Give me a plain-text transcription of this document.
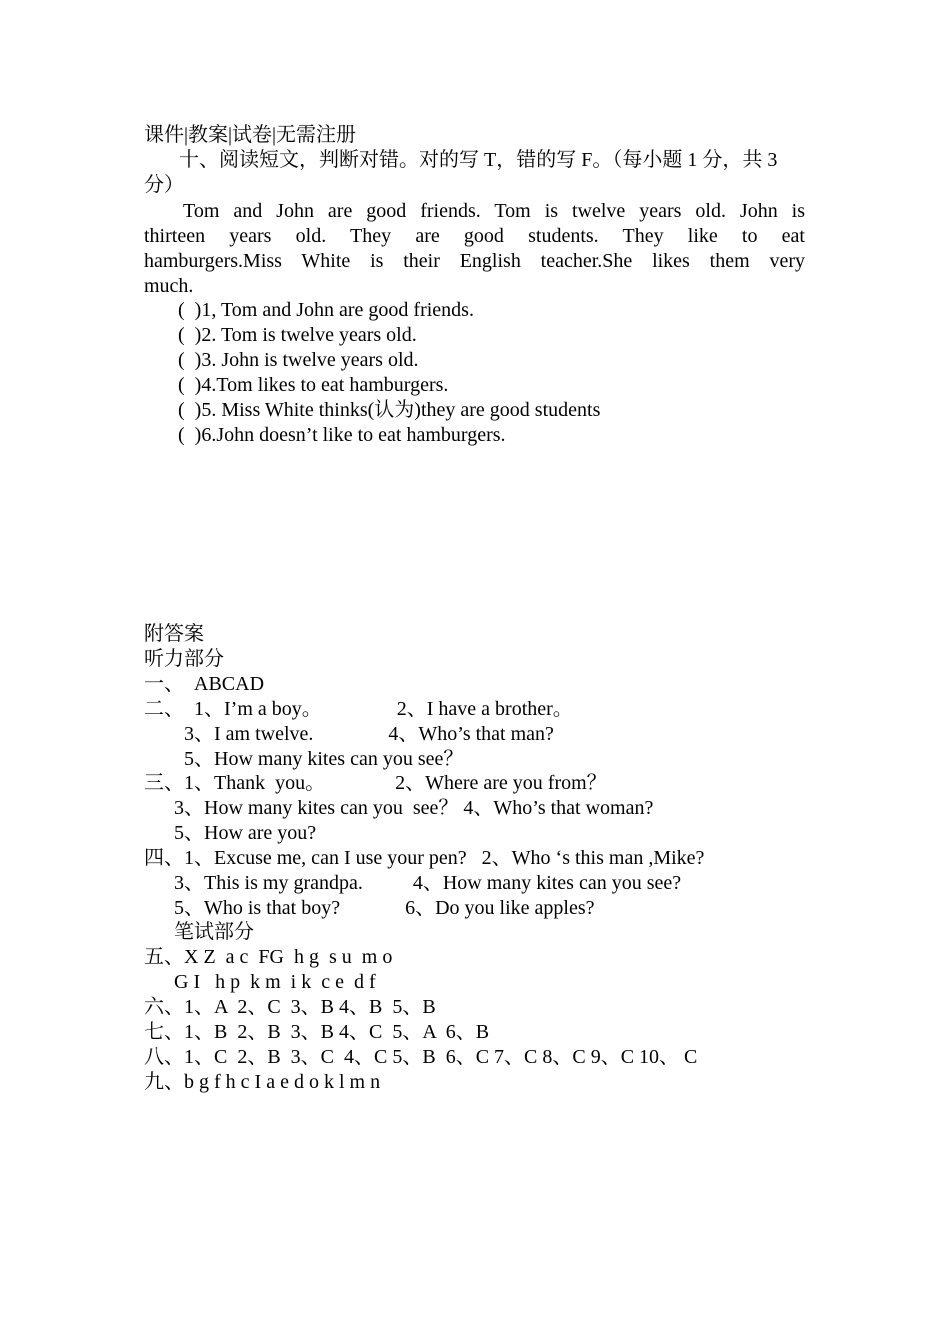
课件|教案|试卷|无需注册
十、阅读短文，判断对错。对的写 T，错的写 F。（每小题 1 分，共 3
分）
Tom and John are good friends. Tom is twelve years old. John is
thirteen years old. They are good students. They like to eat
hamburgers.Miss White is their English teacher.She likes them very
much.
(  )1, Tom and John are good friends.
(  )2. Tom is twelve years old.
(  )3. John is twelve years old.
(  )4.Tom likes to eat hamburgers.
(  )5. Miss White thinks(认为)they are good students
(  )6.John doesn’t like to eat hamburgers.
附答案
听力部分
一、  ABCAD
二、  1、I’m a boy。               2、I have a brother。
3、I am twelve.               4、Who’s that man?
5、How many kites can you see？
三、1、Thank  you。              2、Where are you from？
3、How many kites can you  see？ 4、Who’s that woman?
5、How are you?
四、1、Excuse me, can I use your pen?   2、Who ‘s this man ,Mike?
3、This is my grandpa.          4、How many kites can you see?
5、Who is that boy?             6、Do you like apples?
笔试部分
五、X Z  a c  FG  h g  s u  m o
G I   h p  k m  i k  c e  d f
六、1、A  2、C  3、B 4、B  5、B
七、1、B  2、B  3、B 4、C  5、A  6、B
八、1、C  2、B  3、C  4、C 5、B  6、C 7、C 8、C 9、C 10、 C
九、b g f h c I a e d o k l m n
